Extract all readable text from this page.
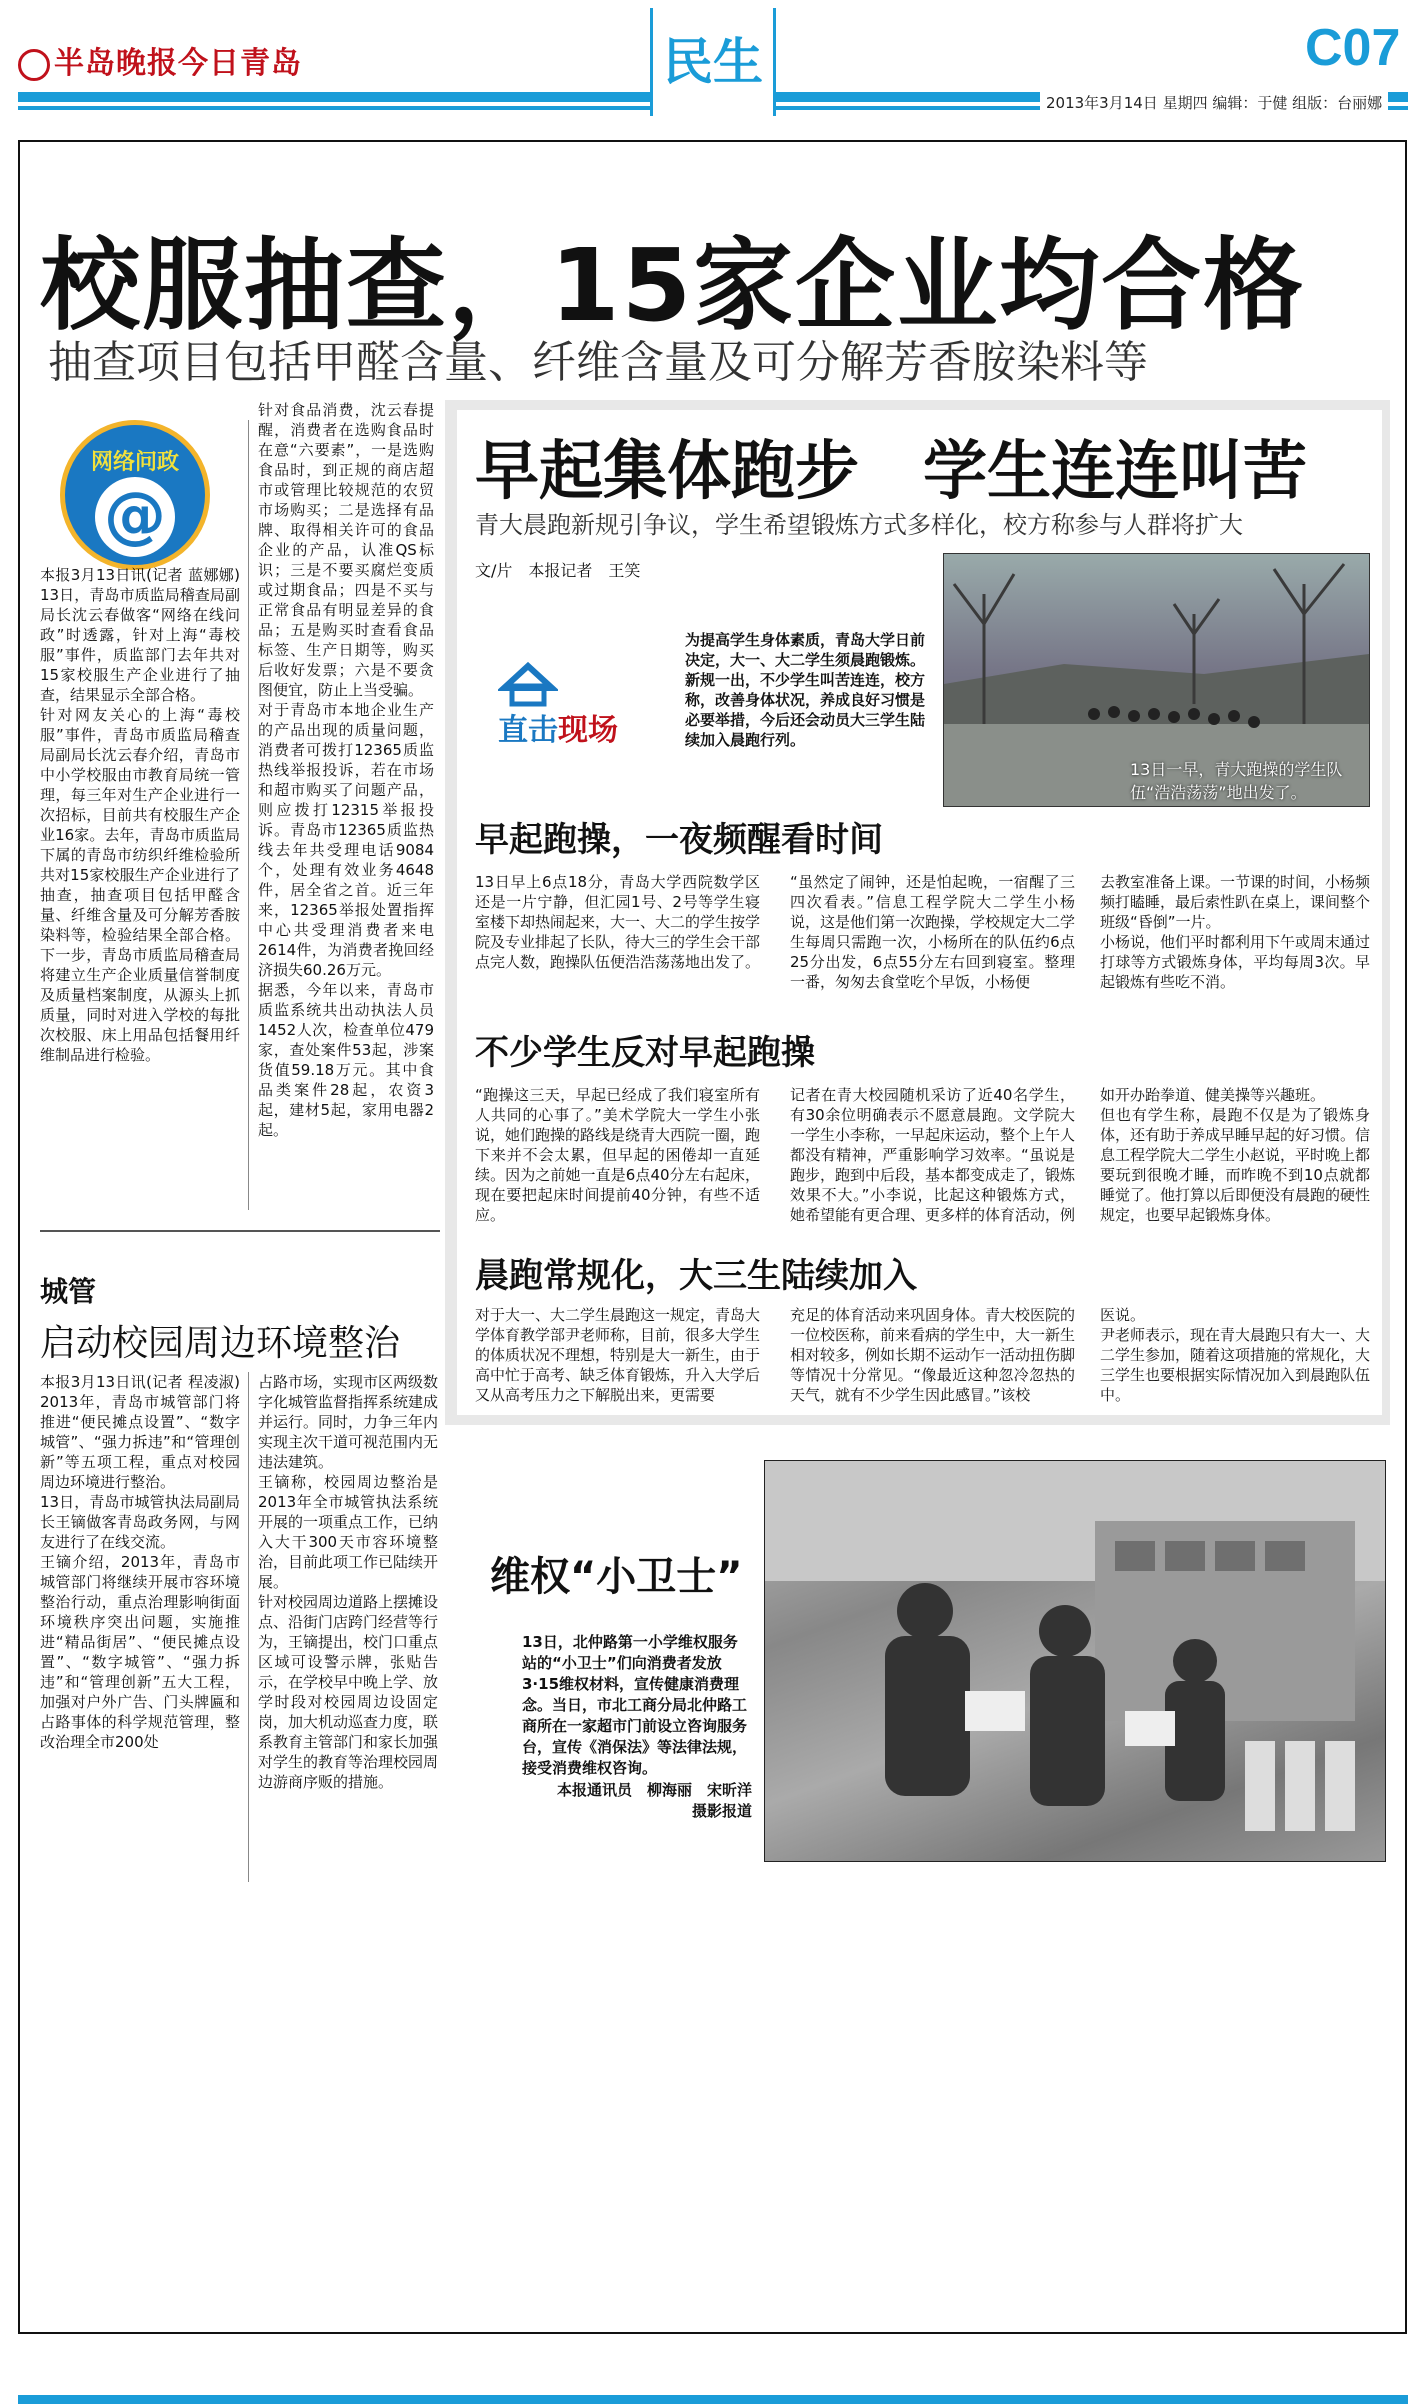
半岛晚报今日青岛	民生	C07
2013年3月14日 星期四 编辑：于健 组版：台丽娜
校服抽查，15家企业均合格
抽查项目包括甲醛含量、纤维含量及可分解芳香胺染料等
网络问政
@
本报3月13日讯(记者 蓝娜娜) 13日，青岛市质监局稽查局副局长沈云春做客“网络在线问政”时透露，针对上海“毒校服”事件，质监部门去年共对15家校服生产企业进行了抽查，结果显示全部合格。
针对网友关心的上海“毒校服”事件，青岛市质监局稽查局副局长沈云春介绍，青岛市中小学校服由市教育局统一管理，每三年对生产企业进行一次招标，目前共有校服生产企业16家。去年，青岛市质监局下属的青岛市纺织纤维检验所共对15家校服生产企业进行了抽查，抽查项目包括甲醛含量、纤维含量及可分解芳香胺染料等，检验结果全部合格。下一步，青岛市质监局稽查局将建立生产企业质量信誉制度及质量档案制度，从源头上抓质量，同时对进入学校的每批次校服、床上用品包括餐用纤维制品进行检验。
针对食品消费，沈云春提醒，消费者在选购食品时在意“六要素”，一是选购食品时，到正规的商店超市或管理比较规范的农贸市场购买；二是选择有品牌、取得相关许可的食品企业的产品，认准QS标识；三是不要买腐烂变质或过期食品；四是不买与正常食品有明显差异的食品；五是购买时查看食品标签、生产日期等，购买后收好发票；六是不要贪图便宜，防止上当受骗。
对于青岛市本地企业生产的产品出现的质量问题，消费者可拨打12365质监热线举报投诉，若在市场和超市购买了问题产品，则应拨打12315举报投诉。青岛市12365质监热线去年共受理电话9084个，处理有效业务4648件，居全省之首。近三年来，12365举报处置指挥中心共受理消费者来电2614件，为消费者挽回经济损失60.26万元。
据悉，今年以来，青岛市质监系统共出动执法人员1452人次，检查单位479家，查处案件53起，涉案货值59.18万元。其中食品类案件28起，农资3起，建材5起，家用电器2起。
城管
启动校园周边环境整治
本报3月13日讯(记者 程凌淑) 2013年，青岛市城管部门将推进“便民摊点设置”、“数字城管”、“强力拆违”和“管理创新”等五项工程，重点对校园周边环境进行整治。
13日，青岛市城管执法局副局长王镝做客青岛政务网，与网友进行了在线交流。
王镝介绍，2013年，青岛市城管部门将继续开展市容环境整治行动，重点治理影响街面环境秩序突出问题，实施推进“精品街居”、“便民摊点设置”、“数字城管”、“强力拆违”和“管理创新”五大工程，加强对户外广告、门头牌匾和占路事体的科学规范管理，整改治理全市200处
占路市场，实现市区两级数字化城管监督指挥系统建成并运行。同时，力争三年内实现主次干道可视范围内无违法建筑。
王镝称，校园周边整治是2013年全市城管执法系统开展的一项重点工作，已纳入大干300天市容环境整治，目前此项工作已陆续开展。
针对校园周边道路上摆摊设点、沿街门店跨门经营等行为，王镝提出，校门口重点区域可设警示牌，张贴告示，在学校早中晚上学、放学时段对校园周边设固定岗，加大机动巡查力度，联系教育主管部门和家长加强对学生的教育等治理校园周边游商序贩的措施。
早起集体跑步　学生连连叫苦
青大晨跑新规引争议，学生希望锻炼方式多样化，校方称参与人群将扩大
文/片　本报记者　王笑
直击现场
为提高学生身体素质，青岛大学日前决定，大一、大二学生须晨跑锻炼。新规一出，不少学生叫苦连连，校方称，改善身体状况，养成良好习惯是必要举措，今后还会动员大三学生陆续加入晨跑行列。
13日一早，青大跑操的学生队伍“浩浩荡荡”地出发了。
早起跑操，一夜频醒看时间
13日早上6点18分，青岛大学西院数学区还是一片宁静，但汇园1号、2号等学生寝室楼下却热闹起来，大一、大二的学生按学院及专业排起了长队，待大三的学生会干部点完人数，跑操队伍便浩浩荡荡地出发了。
“虽然定了闹钟，还是怕起晚，一宿醒了三四次看表。”信息工程学院大二学生小杨说，这是他们第一次跑操，学校规定大二学生每周只需跑一次，小杨所在的队伍约6点25分出发，6点55分左右回到寝室。整理一番，匆匆去食堂吃个早饭，小杨便
去教室准备上课。一节课的时间，小杨频频打瞌睡，最后索性趴在桌上，课间整个班级“昏倒”一片。
小杨说，他们平时都利用下午或周末通过打球等方式锻炼身体，平均每周3次。早起锻炼有些吃不消。
不少学生反对早起跑操
“跑操这三天，早起已经成了我们寝室所有人共同的心事了。”美术学院大一学生小张说，她们跑操的路线是绕青大西院一圈，跑下来并不会太累，但早起的困倦却一直延续。因为之前她一直是6点40分左右起床，现在要把起床时间提前40分钟，有些不适应。
记者在青大校园随机采访了近40名学生，有30余位明确表示不愿意晨跑。文学院大一学生小李称，一早起床运动，整个上午人都没有精神，严重影响学习效率。“虽说是跑步，跑到中后段，基本都变成走了，锻炼效果不大。”小李说，比起这种锻炼方式，她希望能有更合理、更多样的体育活动，例
如开办跆拳道、健美操等兴趣班。
但也有学生称，晨跑不仅是为了锻炼身体，还有助于养成早睡早起的好习惯。信息工程学院大二学生小赵说，平时晚上都要玩到很晚才睡，而昨晚不到10点就都睡觉了。他打算以后即便没有晨跑的硬性规定，也要早起锻炼身体。
晨跑常规化，大三生陆续加入
对于大一、大二学生晨跑这一规定，青岛大学体育教学部尹老师称，目前，很多大学生的体质状况不理想，特别是大一新生，由于高中忙于高考、缺乏体育锻炼，升入大学后又从高考压力之下解脱出来，更需要
充足的体育活动来巩固身体。青大校医院的一位校医称，前来看病的学生中，大一新生相对较多，例如长期不运动乍一活动扭伤脚等情况十分常见。“像最近这种忽冷忽热的天气，就有不少学生因此感冒。”该校
医说。
尹老师表示，现在青大晨跑只有大一、大二学生参加，随着这项措施的常规化，大三学生也要根据实际情况加入到晨跑队伍中。
维权“小卫士”
13日，北仲路第一小学维权服务站的“小卫士”们向消费者发放3·15维权材料，宣传健康消费理念。当日，市北工商分局北仲路工商所在一家超市门前设立咨询服务台，宣传《消保法》等法律法规，接受消费维权咨询。
本报通讯员　柳海丽　宋昕洋
摄影报道
